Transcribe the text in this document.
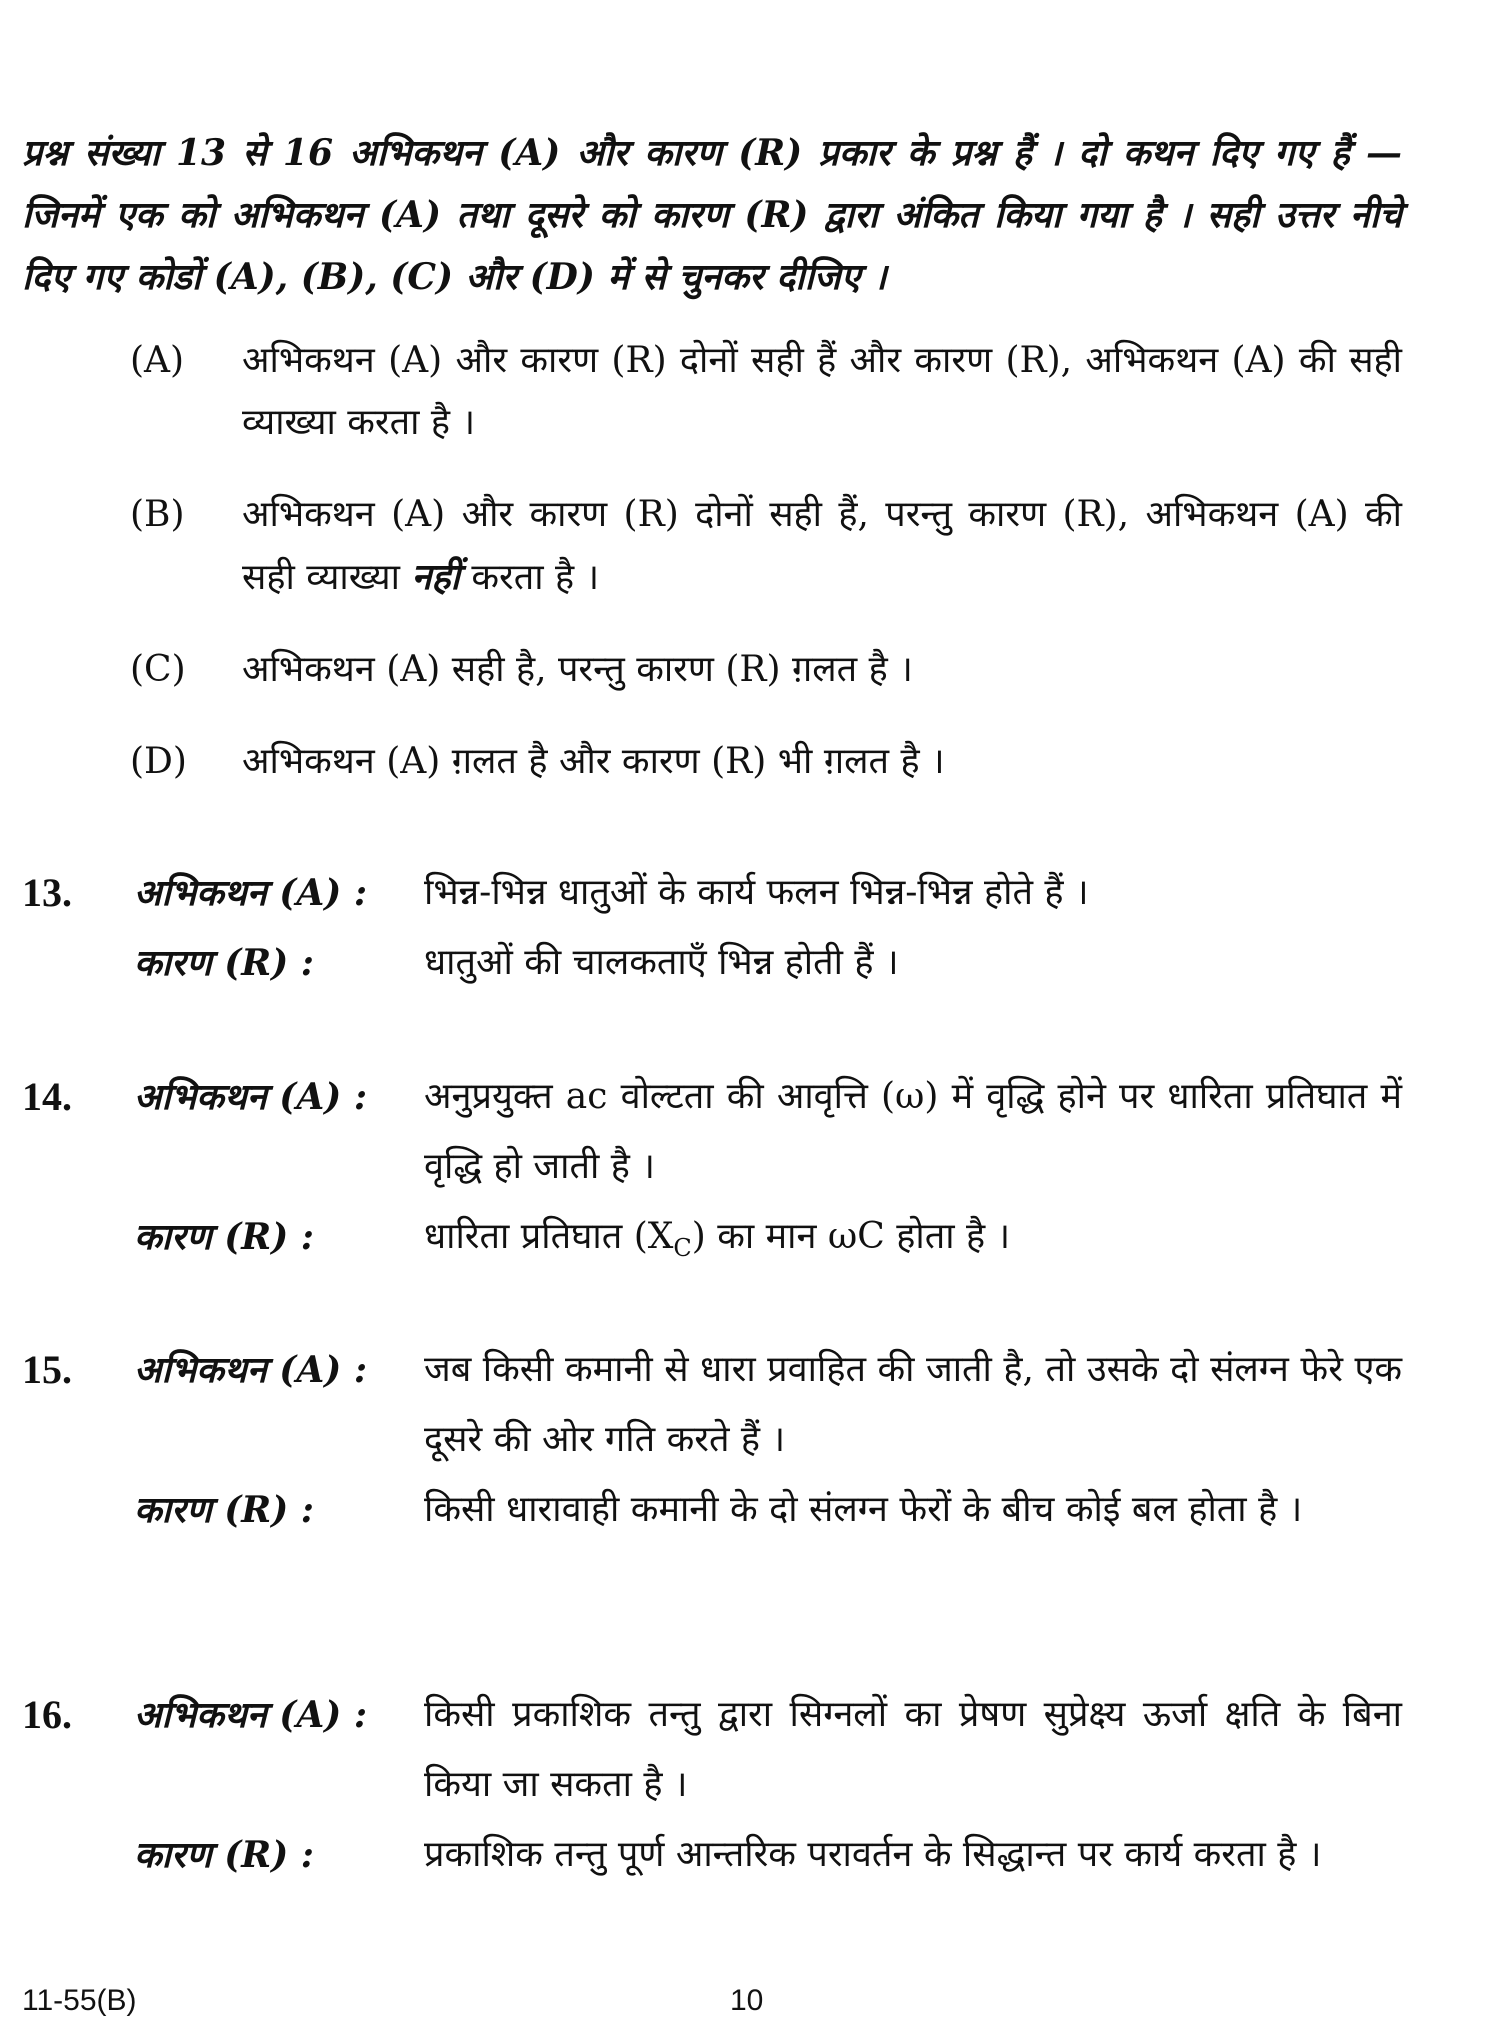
प्रश्न संख्या 13 से 16 अभिकथन (A) और कारण (R) प्रकार के प्रश्न हैं । दो कथन दिए गए हैं — जिनमें एक को अभिकथन (A) तथा दूसरे को कारण (R) द्वारा अंकित किया गया है । सही उत्तर नीचे दिए गए कोडों (A), (B), (C) और (D) में से चुनकर दीजिए ।
(A)	अभिकथन (A) और कारण (R) दोनों सही हैं और कारण (R), अभिकथन (A) की सही व्याख्या करता है ।
(B)	अभिकथन (A) और कारण (R) दोनों सही हैं, परन्तु कारण (R), अभिकथन (A) की सही व्याख्या नहीं करता है ।
(C)	अभिकथन (A) सही है, परन्तु कारण (R) ग़लत है ।
(D)	अभिकथन (A) ग़लत है और कारण (R) भी ग़लत है ।
13.	अभिकथन (A) :	भिन्न-भिन्न धातुओं के कार्य फलन भिन्न-भिन्न होते हैं ।
कारण (R) :	धातुओं की चालकताएँ भिन्न होती हैं ।
14.	अभिकथन (A) :	अनुप्रयुक्त ac वोल्टता की आवृत्ति (ω) में वृद्धि होने पर धारिता प्रतिघात में वृद्धि हो जाती है ।
कारण (R) :	धारिता प्रतिघात $(X_C)$ का मान ωC होता है ।
15.	अभिकथन (A) :	जब किसी कमानी से धारा प्रवाहित की जाती है, तो उसके दो संलग्न फेरे एक दूसरे की ओर गति करते हैं ।
कारण (R) :	किसी धारावाही कमानी के दो संलग्न फेरों के बीच कोई बल होता है ।
16.	अभिकथन (A) :	किसी प्रकाशिक तन्तु द्वारा सिग्नलों का प्रेषण सुप्रेक्ष्य ऊर्जा क्षति के बिना किया जा सकता है ।
कारण (R) :	प्रकाशिक तन्तु पूर्ण आन्तरिक परावर्तन के सिद्धान्त पर कार्य करता है ।
11-55(B)	10
